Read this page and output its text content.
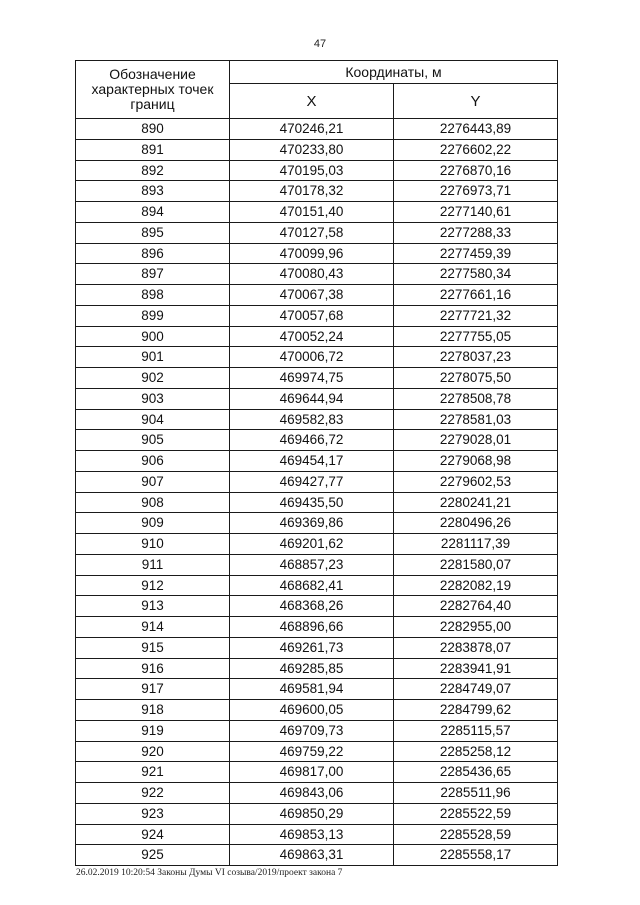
47
Обозначение характерных точек границ	Координаты, м	
	X	Y
890	470246,21	2276443,89
891	470233,80	2276602,22
892	470195,03	2276870,16
893	470178,32	2276973,71
894	470151,40	2277140,61
895	470127,58	2277288,33
896	470099,96	2277459,39
897	470080,43	2277580,34
898	470067,38	2277661,16
899	470057,68	2277721,32
900	470052,24	2277755,05
901	470006,72	2278037,23
902	469974,75	2278075,50
903	469644,94	2278508,78
904	469582,83	2278581,03
905	469466,72	2279028,01
906	469454,17	2279068,98
907	469427,77	2279602,53
908	469435,50	2280241,21
909	469369,86	2280496,26
910	469201,62	2281117,39
911	468857,23	2281580,07
912	468682,41	2282082,19
913	468368,26	2282764,40
914	468896,66	2282955,00
915	469261,73	2283878,07
916	469285,85	2283941,91
917	469581,94	2284749,07
918	469600,05	2284799,62
919	469709,73	2285115,57
920	469759,22	2285258,12
921	469817,00	2285436,65
922	469843,06	2285511,96
923	469850,29	2285522,59
924	469853,13	2285528,59
925	469863,31	2285558,17
26.02.2019 10:20:54 Законы Думы VI созыва/2019/проект закона 7
